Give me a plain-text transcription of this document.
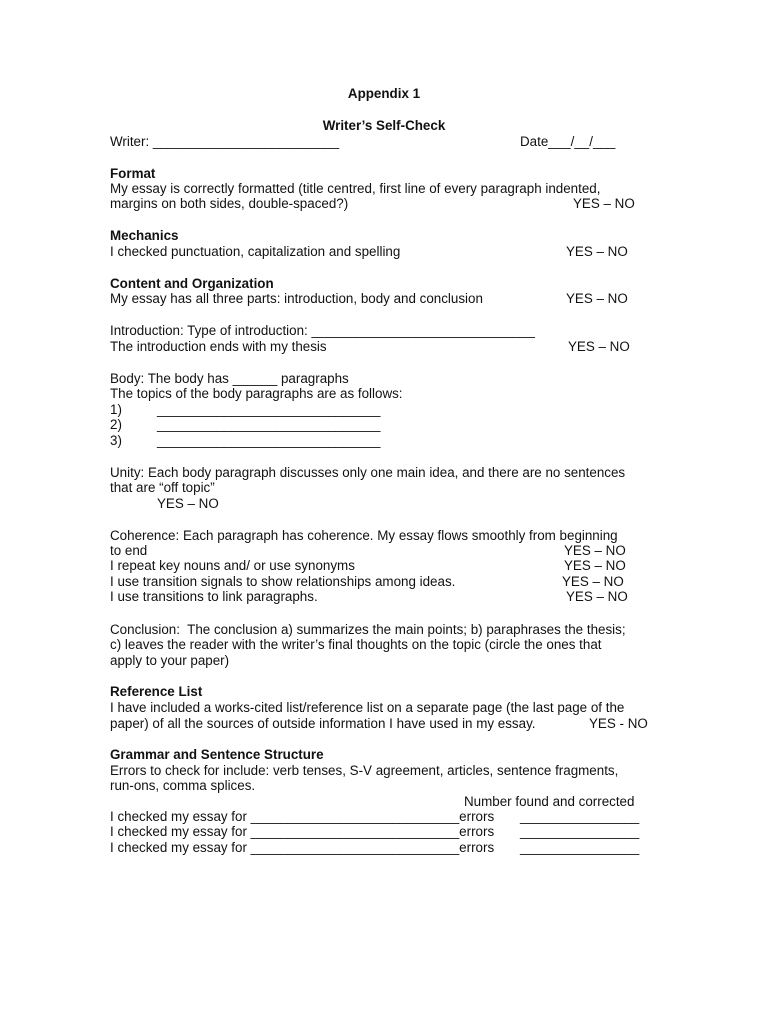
Appendix 1
Writer’s Self-Check
Writer: _________________________	Date___/__/___
Format
My essay is correctly formatted (title centred, first line of every paragraph indented,
margins on both sides, double-spaced?)	YES – NO
Mechanics
I checked punctuation, capitalization and spelling	YES – NO
Content and Organization
My essay has all three parts: introduction, body and conclusion	YES – NO
Introduction: Type of introduction: ______________________________
The introduction ends with my thesis	YES – NO
Body: The body has ______ paragraphs
The topics of the body paragraphs are as follows:
1)	______________________________
2)	______________________________
3)	______________________________
Unity: Each body paragraph discusses only one main idea, and there are no sentences
that are “off topic”
YES – NO
Coherence: Each paragraph has coherence. My essay flows smoothly from beginning
to end	YES – NO
I repeat key nouns and/ or use synonyms	YES – NO
I use transition signals to show relationships among ideas.	YES – NO
I use transitions to link paragraphs.	YES – NO
Conclusion:  The conclusion a) summarizes the main points; b) paraphrases the thesis;
c) leaves the reader with the writer’s final thoughts on the topic (circle the ones that
apply to your paper)
Reference List
I have included a works-cited list/reference list on a separate page (the last page of the
paper) of all the sources of outside information I have used in my essay.	YES - NO
Grammar and Sentence Structure
Errors to check for include: verb tenses, S-V agreement, articles, sentence fragments,
run-ons, comma splices.
Number found and corrected
I checked my essay for ____________________________errors ________________
I checked my essay for ____________________________errors ________________
I checked my essay for ____________________________errors ________________
